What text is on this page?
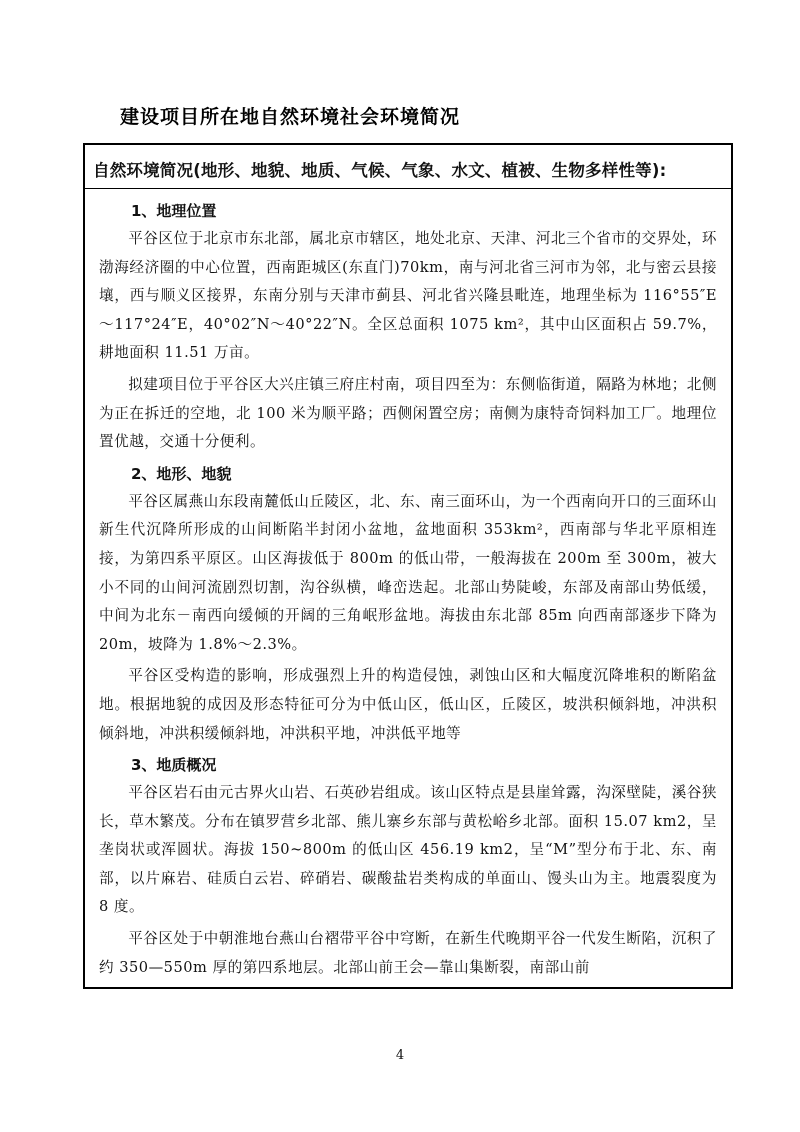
建设项目所在地自然环境社会环境简况
自然环境简况(地形、地貌、地质、气候、气象、水文、植被、生物多样性等):
1、地理位置

平谷区位于北京市东北部，属北京市辖区，地处北京、天津、河北三个省市的交界处，环渤海经济圈的中心位置，西南距城区(东直门)70km，南与河北省三河市为邻，北与密云县接壤，西与顺义区接界，东南分别与天津市蓟县、河北省兴隆县毗连，地理坐标为 116°55″E～117°24″E，40°02″N～40°22″N。全区总面积 1075 km²，其中山区面积占 59.7%，耕地面积 11.51 万亩。

拟建项目位于平谷区大兴庄镇三府庄村南，项目四至为：东侧临街道，隔路为林地；北侧为正在拆迁的空地，北 100 米为顺平路；西侧闲置空房；南侧为康特奇饲料加工厂。地理位置优越，交通十分便利。

2、地形、地貌

平谷区属燕山东段南麓低山丘陵区，北、东、南三面环山，为一个西南向开口的三面环山新生代沉降所形成的山间断陷半封闭小盆地，盆地面积 353km²，西南部与华北平原相连接，为第四系平原区。山区海拔低于 800m 的低山带，一般海拔在 200m 至 300m，被大小不同的山间河流剧烈切割，沟谷纵横，峰峦迭起。北部山势陡峻，东部及南部山势低缓，中间为北东－南西向缓倾的开阔的三角岷形盆地。海拔由东北部 85m 向西南部逐步下降为 20m，坡降为 1.8%～2.3%。

平谷区受构造的影响，形成强烈上升的构造侵蚀，剥蚀山区和大幅度沉降堆积的断陷盆地。根据地貌的成因及形态特征可分为中低山区，低山区，丘陵区，坡洪积倾斜地，冲洪积倾斜地，冲洪积缓倾斜地，冲洪积平地，冲洪低平地等

3、地质概况

平谷区岩石由元古界火山岩、石英砂岩组成。该山区特点是县崖耸露，沟深壁陡，溪谷狭长，草木繁茂。分布在镇罗营乡北部、熊儿寨乡东部与黄松峪乡北部。面积 15.07 km2，呈垄岗状或浑圆状。海拔 150~800m 的低山区 456.19 km2，呈“M”型分布于北、东、南部，以片麻岩、硅质白云岩、碎硝岩、碳酸盐岩类构成的单面山、馒头山为主。地震裂度为 8 度。

平谷区处于中朝淮地台燕山台褶带平谷中穹断，在新生代晚期平谷一代发生断陷，沉积了约 350—550m 厚的第四系地层。北部山前王会—靠山集断裂，南部山前

4
